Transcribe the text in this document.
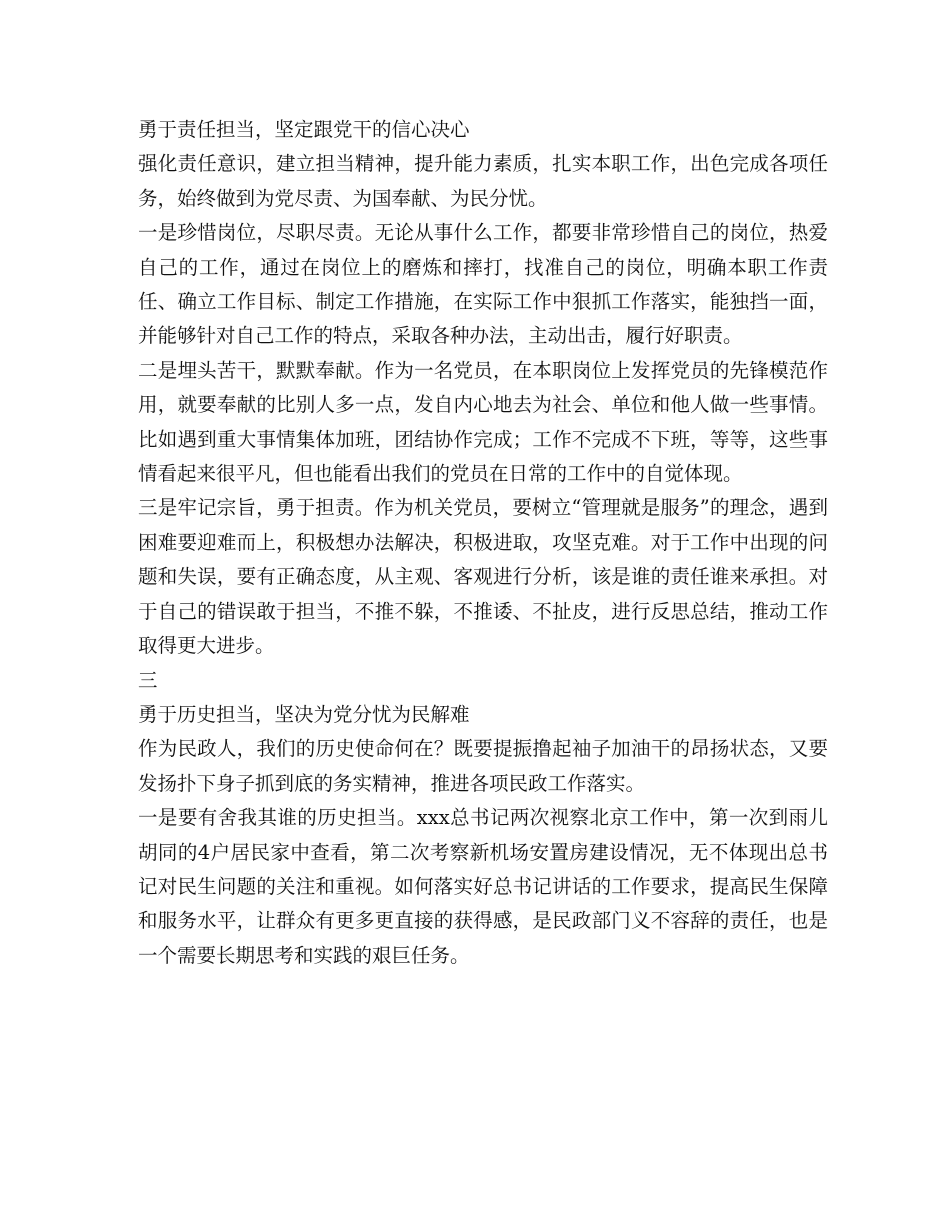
勇于责任担当，坚定跟党干的信心决心

强化责任意识，建立担当精神，提升能力素质，扎实本职工作，出色完成各项任务，始终做到为党尽责、为国奉献、为民分忧。

一是珍惜岗位，尽职尽责。无论从事什么工作，都要非常珍惜自己的岗位，热爱自己的工作，通过在岗位上的磨炼和摔打，找准自己的岗位，明确本职工作责任、确立工作目标、制定工作措施，在实际工作中狠抓工作落实，能独挡一面，并能够针对自己工作的特点，采取各种办法，主动出击，履行好职责。

二是埋头苦干，默默奉献。作为一名党员，在本职岗位上发挥党员的先锋模范作用，就要奉献的比别人多一点，发自内心地去为社会、单位和他人做一些事情。比如遇到重大事情集体加班，团结协作完成；工作不完成不下班，等等，这些事情看起来很平凡，但也能看出我们的党员在日常的工作中的自觉体现。

三是牢记宗旨，勇于担责。作为机关党员，要树立“管理就是服务”的理念，遇到困难要迎难而上，积极想办法解决，积极进取，攻坚克难。对于工作中出现的问题和失误，要有正确态度，从主观、客观进行分析，该是谁的责任谁来承担。对于自己的错误敢于担当，不推不躲，不推诿、不扯皮，进行反思总结，推动工作取得更大进步。

三

勇于历史担当，坚决为党分忧为民解难

作为民政人，我们的历史使命何在？既要提振撸起袖子加油干的昂扬状态，又要发扬扑下身子抓到底的务实精神，推进各项民政工作落实。

一是要有舍我其谁的历史担当。xxx总书记两次视察北京工作中，第一次到雨儿胡同的4户居民家中查看，第二次考察新机场安置房建设情况，无不体现出总书记对民生问题的关注和重视。如何落实好总书记讲话的工作要求，提高民生保障和服务水平，让群众有更多更直接的获得感，是民政部门义不容辞的责任，也是一个需要长期思考和实践的艰巨任务。
